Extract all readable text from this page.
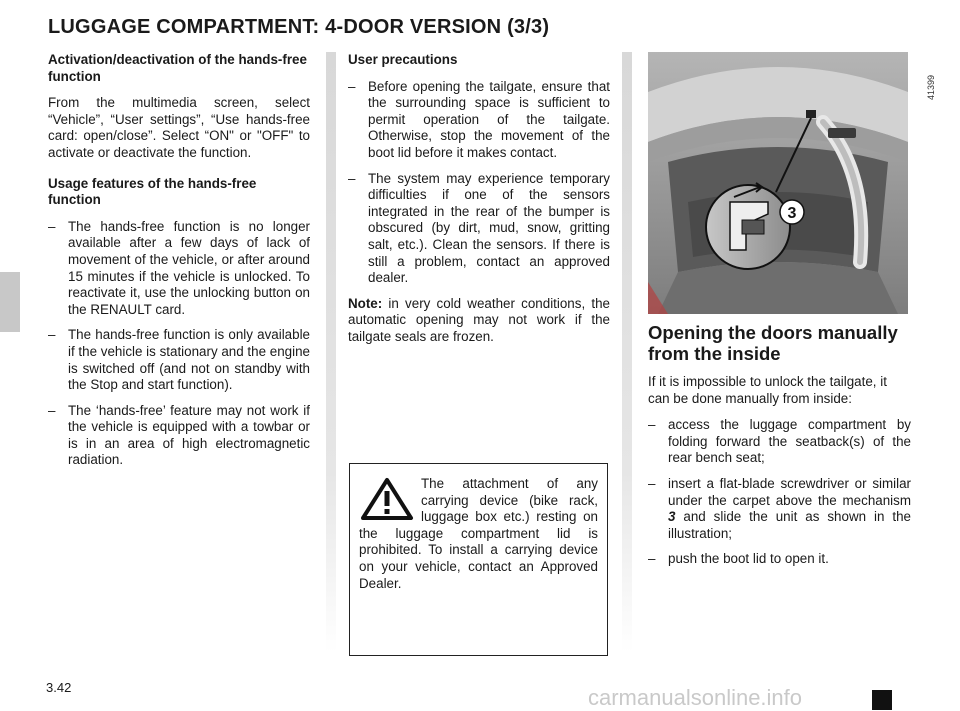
LUGGAGE COMPARTMENT: 4-DOOR VERSION (3/3)

Activation/deactivation of the hands-free function

From the multimedia screen, select “Vehicle”, “User settings”, “Use hands-free card: open/close”. Select “ON" or "OFF" to activate or deactivate the function.

Usage features of the hands-free function

– The hands-free function is no longer available after a few days of lack of movement of the vehicle, or after around 15 minutes if the vehicle is unlocked. To reactivate it, use the unlocking button on the RENAULT card.
– The hands-free function is only available if the vehicle is stationary and the engine is switched off (and not on standby with the Stop and start function).
– The ‘hands-free’ feature may not work if the vehicle is equipped with a towbar or is in an area of high electromagnetic radiation.

User precautions

– Before opening the tailgate, ensure that the surrounding space is sufficient to permit operation of the tailgate. Otherwise, stop the movement of the boot lid before it makes contact.
– The system may experience temporary difficulties if one of the sensors integrated in the rear of the bumper is obscured (by dirt, mud, snow, gritting salt, etc.). Clean the sensors. If there is still a problem, contact an approved dealer.

Note: in very cold weather conditions, the automatic opening may not work if the tailgate seals are frozen.

The attachment of any carrying device (bike rack, luggage box etc.) resting on the luggage compartment lid is prohibited. To install a carrying device on your vehicle, contact an Approved Dealer.
3
41399

Opening the doors manually from the inside

If it is impossible to unlock the tailgate, it can be done manually from inside:

– access the luggage compartment by folding forward the seatback(s) of the rear bench seat;
– insert a flat-blade screwdriver or similar under the carpet above the mechanism 3 and slide the unit as shown in the illustration;
– push the boot lid to open it.
3.42	carmanualsonline.info
